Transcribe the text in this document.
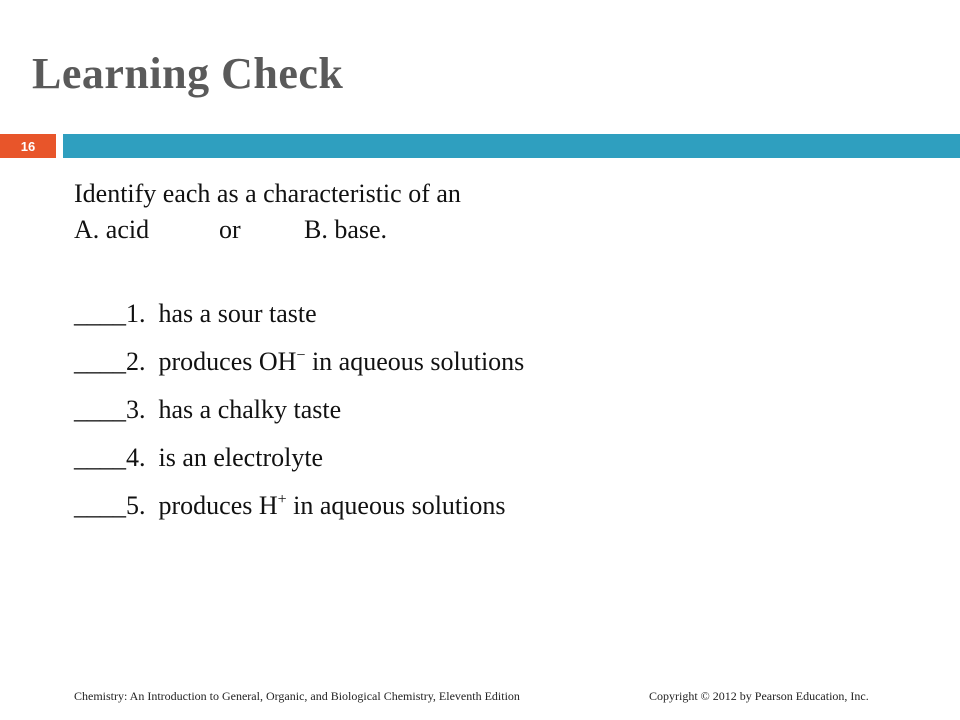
Learning Check
16
Identify each as a characteristic of an
A. acid	or B. base.
____1.  has a sour taste
____2.  produces OH− in aqueous solutions
____3.  has a chalky taste
____4.  is an electrolyte
____5.  produces H+ in aqueous solutions
Chemistry: An Introduction to General, Organic, and Biological Chemistry, Eleventh Edition	Copyright © 2012 by Pearson Education, Inc.
